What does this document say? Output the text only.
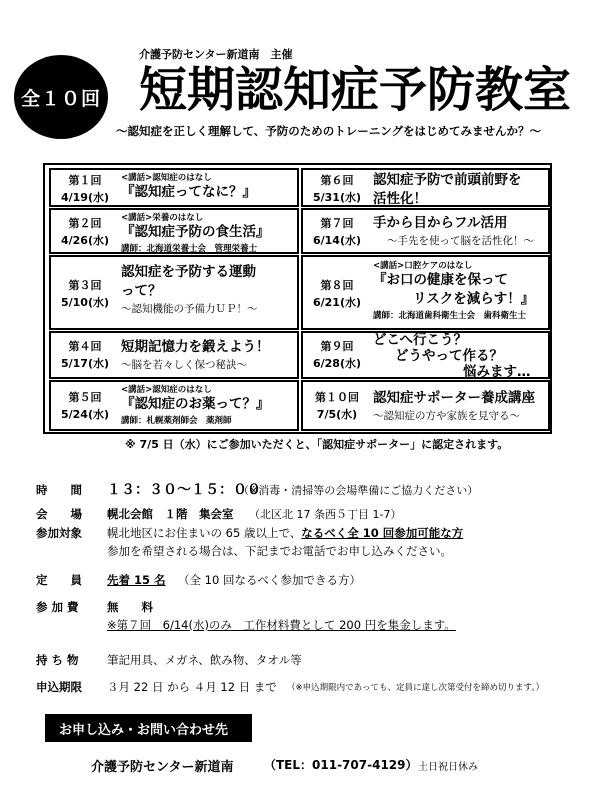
全１０回
介護予防センター新道南　主催
短期認知症予防教室
～認知症を正しく理解して、予防のためのトレーニングをはじめてみませんか？～
第１回
4/19(水)
<講話>認知症のはなし
『認知症ってなに？』
第２回
4/26(水)
<講話>栄養のはなし
『認知症予防の食生活』
講師：北海道栄養士会　管理栄養士
第３回
5/10(水)
認知症を予防する運動
って？
～認知機能の予備力ＵＰ！～
第４回
5/17(水)
短期記憶力を鍛えよう！
～脳を若々しく保つ秘訣～
第５回
5/24(水)
<講話>認知症のはなし
『認知症のお薬って？』
講師：札幌薬剤師会　薬剤師
第６回
5/31(水)
認知症予防で前頭前野を
活性化！
第７回
6/14(水)
手から目からフル活用
～手先を使って脳を活性化！～
第８回
6/21(水)
<講話>口腔ケアのはなし
『お口の健康を保って
リスクを減らす！』
講師：北海道歯科衛生士会　歯科衛生士
第９回
6/28(水)
どこへ行こう？
どうやって作る？
悩みます…
第１０回
7/5(水)
認知症サポーター養成講座
～認知症の方や家族を見守る～
※ 7/5 日（水）にご参加いただくと、「認知症サポーター」に認定されます。
時　　間 １３：３０～１５：００
（※消毒・清掃等の会場準備にご協力ください）
会　　場 幌北会館　１階　集会室 （北区北 17 条西５丁目 1-7）
参加対象 幌北地区にお住まいの 65 歳以上で、なるべく全 10 回参加可能な方
参加を希望される場合は、下記までお電話でお申し込みください。
定　　員 先着 15 名 （全 10 回なるべく参加できる方）
参 加 費 無　　料
※第７回　6/14(水)のみ　工作材料費として 200 円を集金します。
持 ち 物 筆記用具、メガネ、飲み物、タオル等
申込期限 ３月 22 日 から ４月 12 日 まで （※申込期限内であっても、定員に達し次第受付を締め切ります。）
お申し込み・お問い合わせ先
介護予防センター新道南	（TEL：011-707-4129） 土日祝日休み
